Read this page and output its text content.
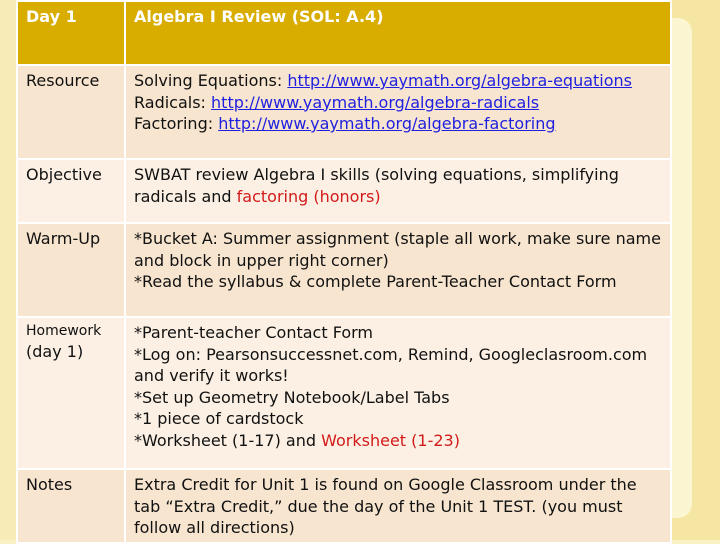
Day 1	Algebra I Review (SOL: A.4)
Resource	Solving Equations: http://www.yaymath.org/algebra-equations
Radicals: http://www.yaymath.org/algebra-radicals
Factoring: http://www.yaymath.org/algebra-factoring

Objective	SWBAT review Algebra I skills (solving equations, simplifying radicals and factoring (honors)
Warm-Up	*Bucket A: Summer assignment (staple all work, make sure name and block in upper right corner)
*Read the syllabus & complete Parent-Teacher Contact Form

Homework
(day 1)	*Parent-teacher Contact Form
*Log on: Pearsonsuccessnet.com, Remind, Googleclasroom.com and verify it works!
*Set up Geometry Notebook/Label Tabs
*1 piece of cardstock
*Worksheet (1-17) and Worksheet (1-23)

Notes	Extra Credit for Unit 1 is found on Google Classroom under the tab “Extra Credit,” due the day of the Unit 1 TEST. (you must follow all directions)
